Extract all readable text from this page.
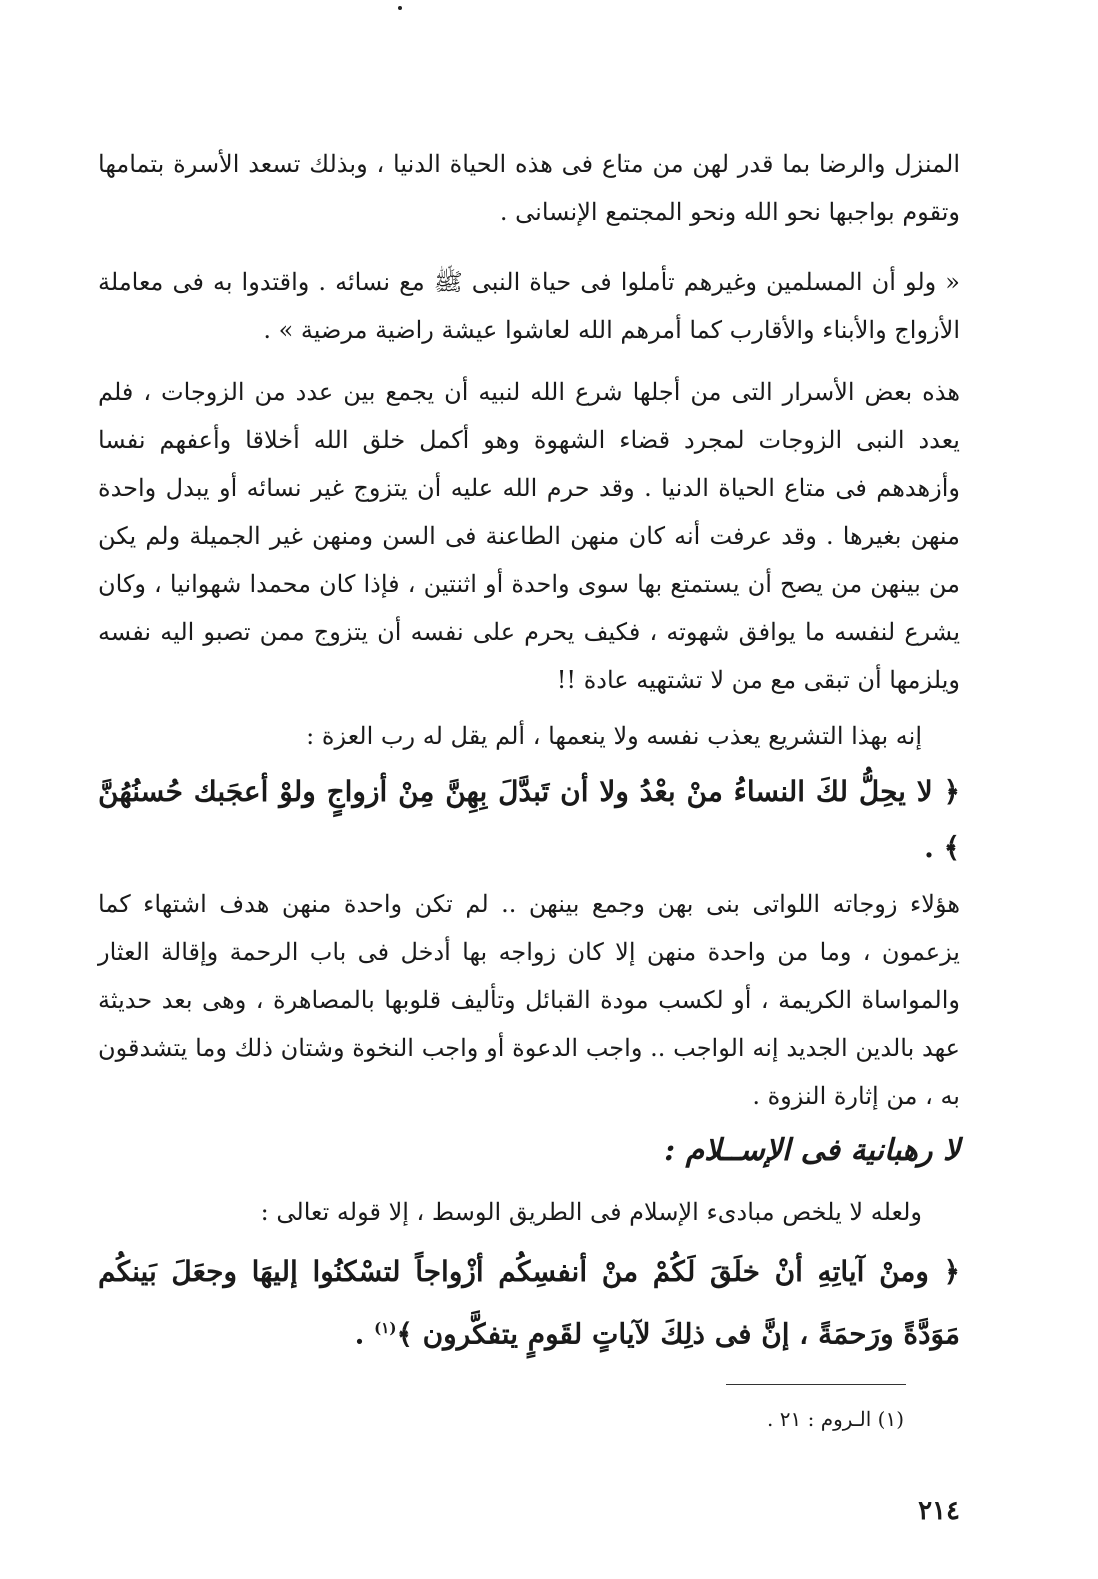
المنزل والرضا بما قدر لهن من متاع فى هذه الحياة الدنيا ، وبذلك تسعد الأسرة بتمامها وتقوم بواجبها نحو الله ونحو المجتمع الإنسانى .
« ولو أن المسلمين وغيرهم تأملوا فى حياة النبى ﷺ مع نسائه . واقتدوا به فى معاملة الأزواج والأبناء والأقارب كما أمرهم الله لعاشوا عيشة راضية مرضية » .
هذه بعض الأسرار التى من أجلها شرع الله لنبيه أن يجمع بين عدد من الزوجات ، فلم يعدد النبى الزوجات لمجرد قضاء الشهوة وهو أكمل خلق الله أخلاقا وأعفهم نفسا وأزهدهم فى متاع الحياة الدنيا . وقد حرم الله عليه أن يتزوج غير نسائه أو يبدل واحدة منهن بغيرها . وقد عرفت أنه كان منهن الطاعنة فى السن ومنهن غير الجميلة ولم يكن من بينهن من يصح أن يستمتع بها سوى واحدة أو اثنتين ، فإذا كان محمدا شهوانيا ، وكان يشرع لنفسه ما يوافق شهوته ، فكيف يحرم على نفسه أن يتزوج ممن تصبو اليه نفسه ويلزمها أن تبقى مع من لا تشتهيه عادة !!
إنه بهذا التشريع يعذب نفسه ولا ينعمها ، ألم يقل له رب العزة :
﴿ لا يحِلُّ لكَ النساءُ منْ بعْدُ ولا أن تَبدَّلَ بِهِنَّ مِنْ أزواجٍ ولوْ أعجَبك حُسنُهُنَّ ﴾ .
هؤلاء زوجاته اللواتى بنى بهن وجمع بينهن .. لم تكن واحدة منهن هدف اشتهاء كما يزعمون ، وما من واحدة منهن إلا كان زواجه بها أدخل فى باب الرحمة وإقالة العثار والمواساة الكريمة ، أو لكسب مودة القبائل وتأليف قلوبها بالمصاهرة ، وهى بعد حديثة عهد بالدين الجديد إنه الواجب .. واجب الدعوة أو واجب النخوة وشتان ذلك وما يتشدقون به ، من إثارة النزوة .
لا رهبانية فى الإســلام :
ولعله لا يلخص مبادىء الإسلام فى الطريق الوسط ، إلا قوله تعالى :
﴿ ومنْ آياتِهِ أنْ خلَقَ لَكُمْ منْ أنفسِكُم أزْواجاً لتسْكنُوا إليهَا وجعَلَ بَينكُم مَوَدَّةً ورَحمَةً ، إنَّ فى ذلِكَ لآياتٍ لقَومٍ يتفكَّرون ﴾$^{(١)}$ .
(١) الـروم : ٢١ .
٢١٤
